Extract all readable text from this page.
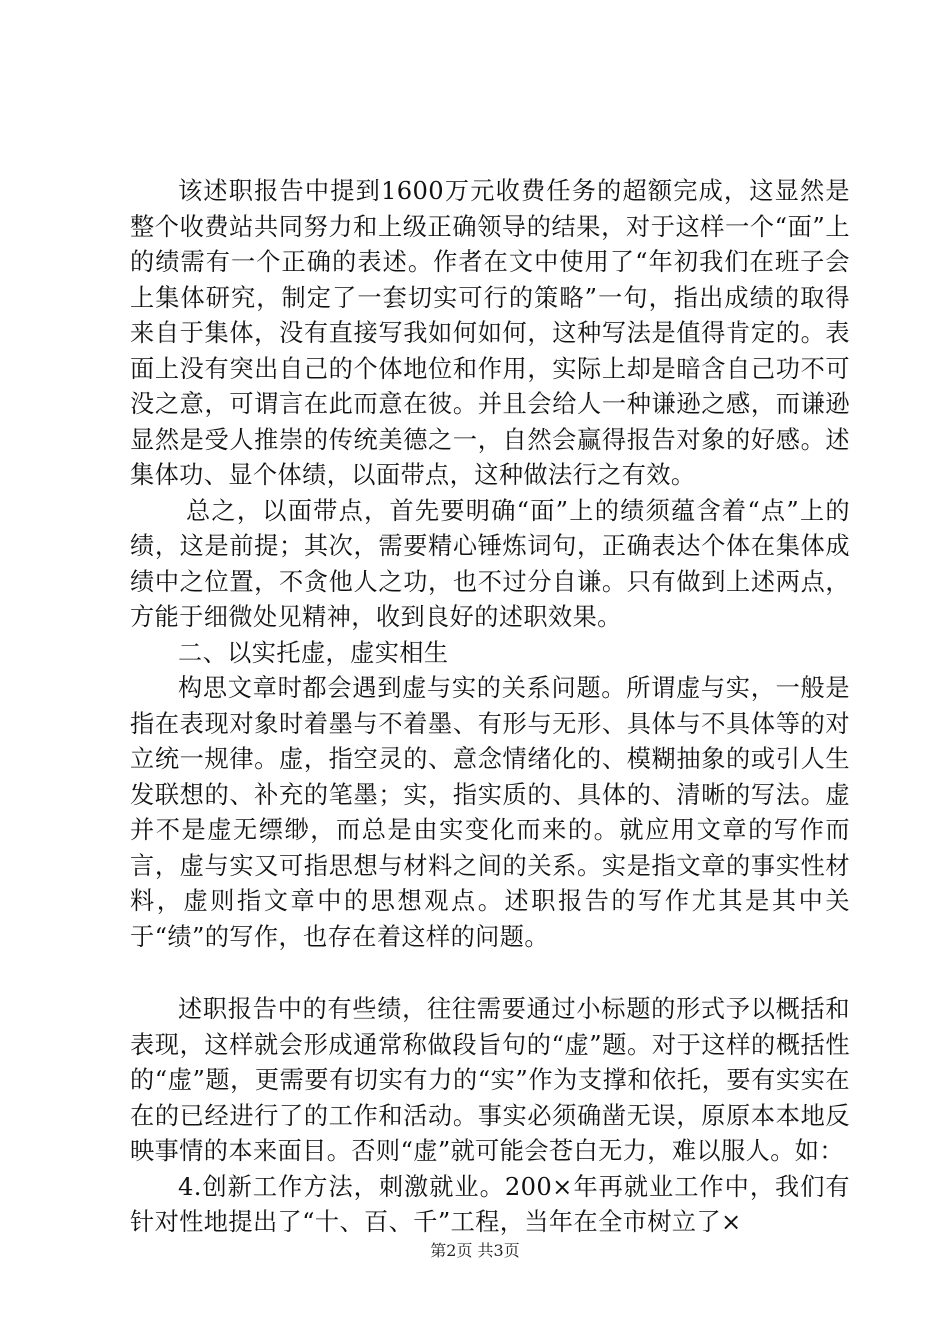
该述职报告中提到1600万元收费任务的超额完成，这显然是整个收费站共同努力和上级正确领导的结果，对于这样一个“面”上的绩需有一个正确的表述。作者在文中使用了“年初我们在班子会上集体研究，制定了一套切实可行的策略”一句，指出成绩的取得来自于集体，没有直接写我如何如何，这种写法是值得肯定的。表面上没有突出自己的个体地位和作用，实际上却是暗含自己功不可没之意，可谓言在此而意在彼。并且会给人一种谦逊之感，而谦逊显然是受人推崇的传统美德之一，自然会赢得报告对象的好感。述集体功、显个体绩，以面带点，这种做法行之有效。

总之，以面带点，首先要明确“面”上的绩须蕴含着“点”上的绩，这是前提；其次，需要精心锤炼词句，正确表达个体在集体成绩中之位置，不贪他人之功，也不过分自谦。只有做到上述两点，方能于细微处见精神，收到良好的述职效果。

二、以实托虚，虚实相生

构思文章时都会遇到虚与实的关系问题。所谓虚与实，一般是指在表现对象时着墨与不着墨、有形与无形、具体与不具体等的对立统一规律。虚，指空灵的、意念情绪化的、模糊抽象的或引人生发联想的、补充的笔墨；实，指实质的、具体的、清晰的写法。虚并不是虚无缥缈，而总是由实变化而来的。就应用文章的写作而言，虚与实又可指思想与材料之间的关系。实是指文章的事实性材料，虚则指文章中的思想观点。述职报告的写作尤其是其中关于“绩”的写作，也存在着这样的问题。

述职报告中的有些绩，往往需要通过小标题的形式予以概括和表现，这样就会形成通常称做段旨句的“虚”题。对于这样的概括性的“虚”题，更需要有切实有力的“实”作为支撑和依托，要有实实在在的已经进行了的工作和活动。事实必须确凿无误，原原本本地反映事情的本来面目。否则“虚”就可能会苍白无力，难以服人。如：

4.创新工作方法，刺激就业。200×年再就业工作中，我们有针对性地提出了“十、百、千”工程，当年在全市树立了×

第2页 共3页
